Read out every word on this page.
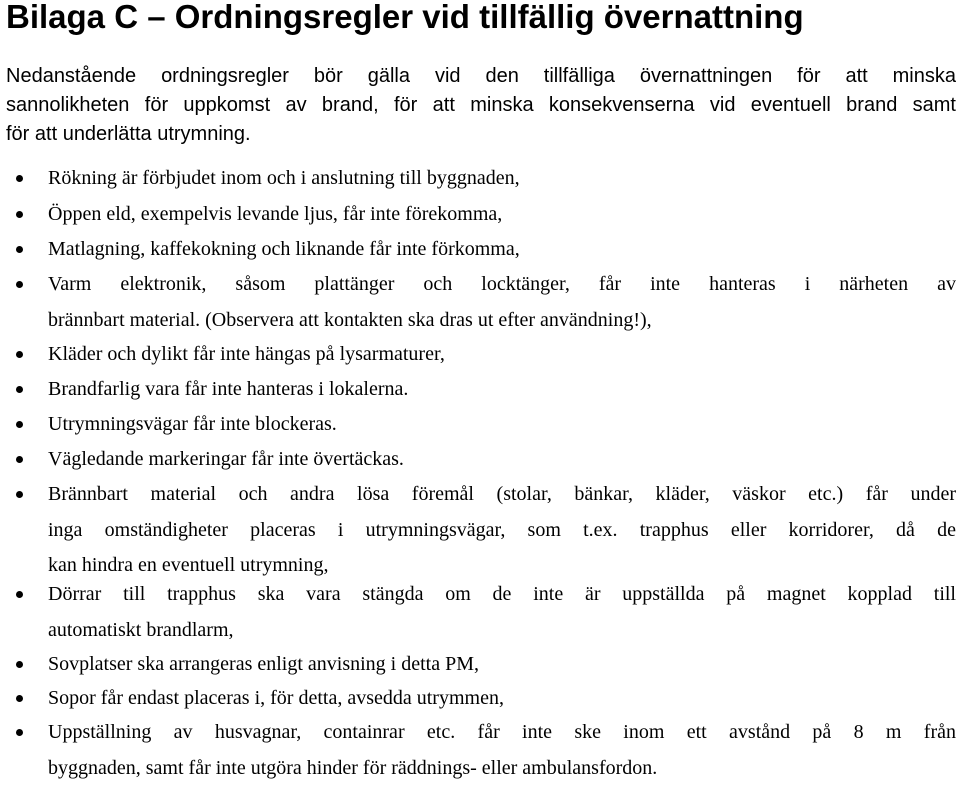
Bilaga C – Ordningsregler vid tillfällig övernattning
Nedanstående ordningsregler bör gälla vid den tillfälliga övernattningen för att minska
sannolikheten för uppkomst av brand, för att minska konsekvenserna vid eventuell brand samt
för att underlätta utrymning.
Rökning är förbjudet inom och i anslutning till byggnaden,
Öppen eld, exempelvis levande ljus, får inte förekomma,
Matlagning, kaffekokning och liknande får inte förkomma,
Varm elektronik, såsom plattänger och locktänger, får inte hanteras i närheten av
brännbart material. (Observera att kontakten ska dras ut efter användning!),
Kläder och dylikt får inte hängas på lysarmaturer,
Brandfarlig vara får inte hanteras i lokalerna.
Utrymningsvägar får inte blockeras.
Vägledande markeringar får inte övertäckas.
Brännbart material och andra lösa föremål (stolar, bänkar, kläder, väskor etc.) får under
inga omständigheter placeras i utrymningsvägar, som t.ex. trapphus eller korridorer, då de
kan hindra en eventuell utrymning,
Dörrar till trapphus ska vara stängda om de inte är uppställda på magnet kopplad till
automatiskt brandlarm,
Sovplatser ska arrangeras enligt anvisning i detta PM,
Sopor får endast placeras i, för detta, avsedda utrymmen,
Uppställning av husvagnar, containrar etc. får inte ske inom ett avstånd på 8 m från
byggnaden, samt får inte utgöra hinder för räddnings- eller ambulansfordon.
